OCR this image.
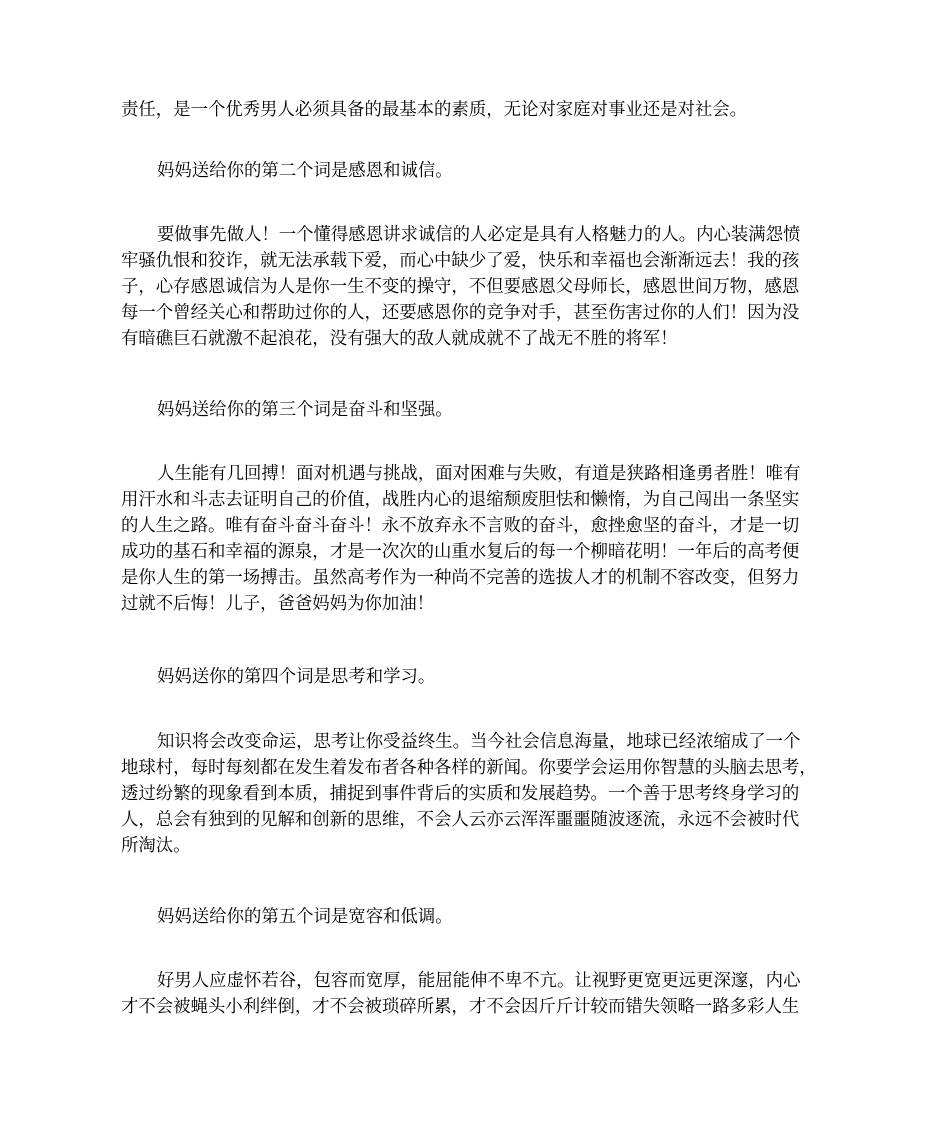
责任，是一个优秀男人必须具备的最基本的素质，无论对家庭对事业还是对社会。

妈妈送给你的第二个词是感恩和诚信。

要做事先做人！一个懂得感恩讲求诚信的人必定是具有人格魅力的人。内心装满怨愤

牢骚仇恨和狡诈，就无法承载下爱，而心中缺少了爱，快乐和幸福也会渐渐远去！我的孩

子，心存感恩诚信为人是你一生不变的操守，不但要感恩父母师长，感恩世间万物，感恩

每一个曾经关心和帮助过你的人，还要感恩你的竞争对手，甚至伤害过你的人们！因为没

有暗礁巨石就激不起浪花，没有强大的敌人就成就不了战无不胜的将军！

妈妈送给你的第三个词是奋斗和坚强。

人生能有几回搏！面对机遇与挑战，面对困难与失败，有道是狭路相逢勇者胜！唯有

用汗水和斗志去证明自己的价值，战胜内心的退缩颓废胆怯和懒惰，为自己闯出一条坚实

的人生之路。唯有奋斗奋斗奋斗！永不放弃永不言败的奋斗，愈挫愈坚的奋斗，才是一切

成功的基石和幸福的源泉，才是一次次的山重水复后的每一个柳暗花明！一年后的高考便

是你人生的第一场搏击。虽然高考作为一种尚不完善的选拔人才的机制不容改变，但努力

过就不后悔！儿子，爸爸妈妈为你加油！

妈妈送你的第四个词是思考和学习。

知识将会改变命运，思考让你受益终生。当今社会信息海量，地球已经浓缩成了一个

地球村，每时每刻都在发生着发布者各种各样的新闻。你要学会运用你智慧的头脑去思考，

透过纷繁的现象看到本质，捕捉到事件背后的实质和发展趋势。一个善于思考终身学习的

人，总会有独到的见解和创新的思维，不会人云亦云浑浑噩噩随波逐流，永远不会被时代

所淘汰。

妈妈送给你的第五个词是宽容和低调。

好男人应虚怀若谷，包容而宽厚，能屈能伸不卑不亢。让视野更宽更远更深邃，内心

才不会被蝇头小利绊倒，才不会被琐碎所累，才不会因斤斤计较而错失领略一路多彩人生
